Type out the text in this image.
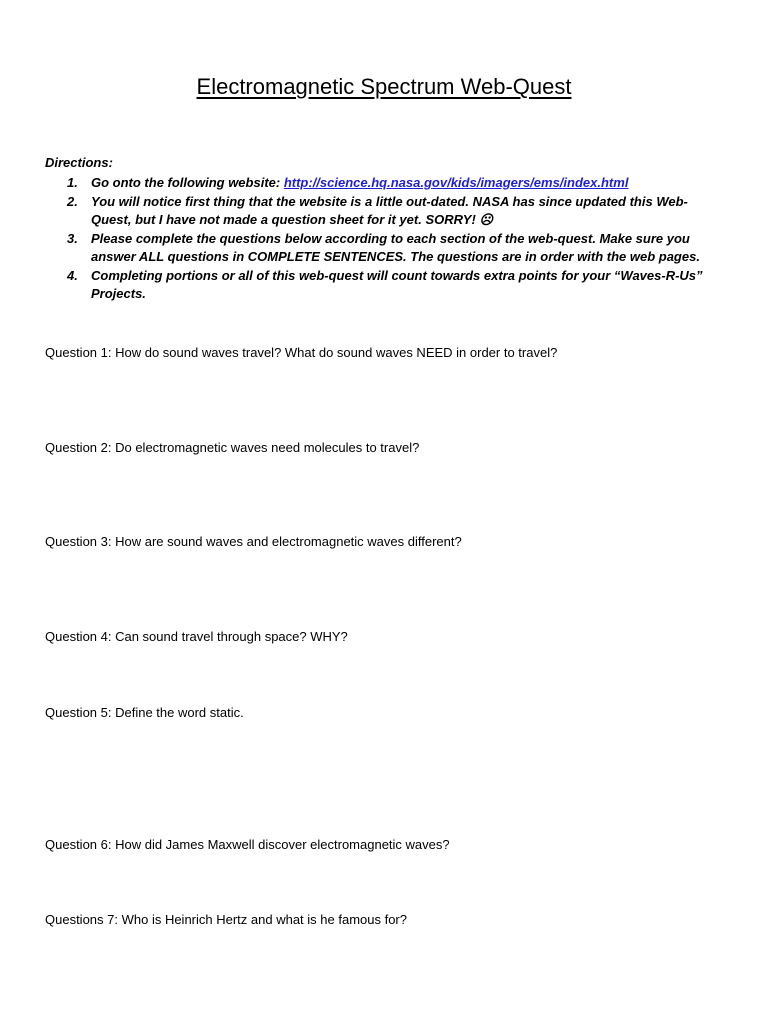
Electromagnetic Spectrum Web-Quest
Directions:
1. Go onto the following website: http://science.hq.nasa.gov/kids/imagers/ems/index.html
2. You will notice first thing that the website is a little out-dated. NASA has since updated this Web-Quest, but I have not made a question sheet for it yet. SORRY! ☹
3. Please complete the questions below according to each section of the web-quest. Make sure you answer ALL questions in COMPLETE SENTENCES. The questions are in order with the web pages.
4. Completing portions or all of this web-quest will count towards extra points for your “Waves-R-Us” Projects.
Question 1: How do sound waves travel? What do sound waves NEED in order to travel?
Question 2: Do electromagnetic waves need molecules to travel?
Question 3: How are sound waves and electromagnetic waves different?
Question 4: Can sound travel through space? WHY?
Question 5: Define the word static.
Question 6: How did James Maxwell discover electromagnetic waves?
Questions 7: Who is Heinrich Hertz and what is he famous for?
